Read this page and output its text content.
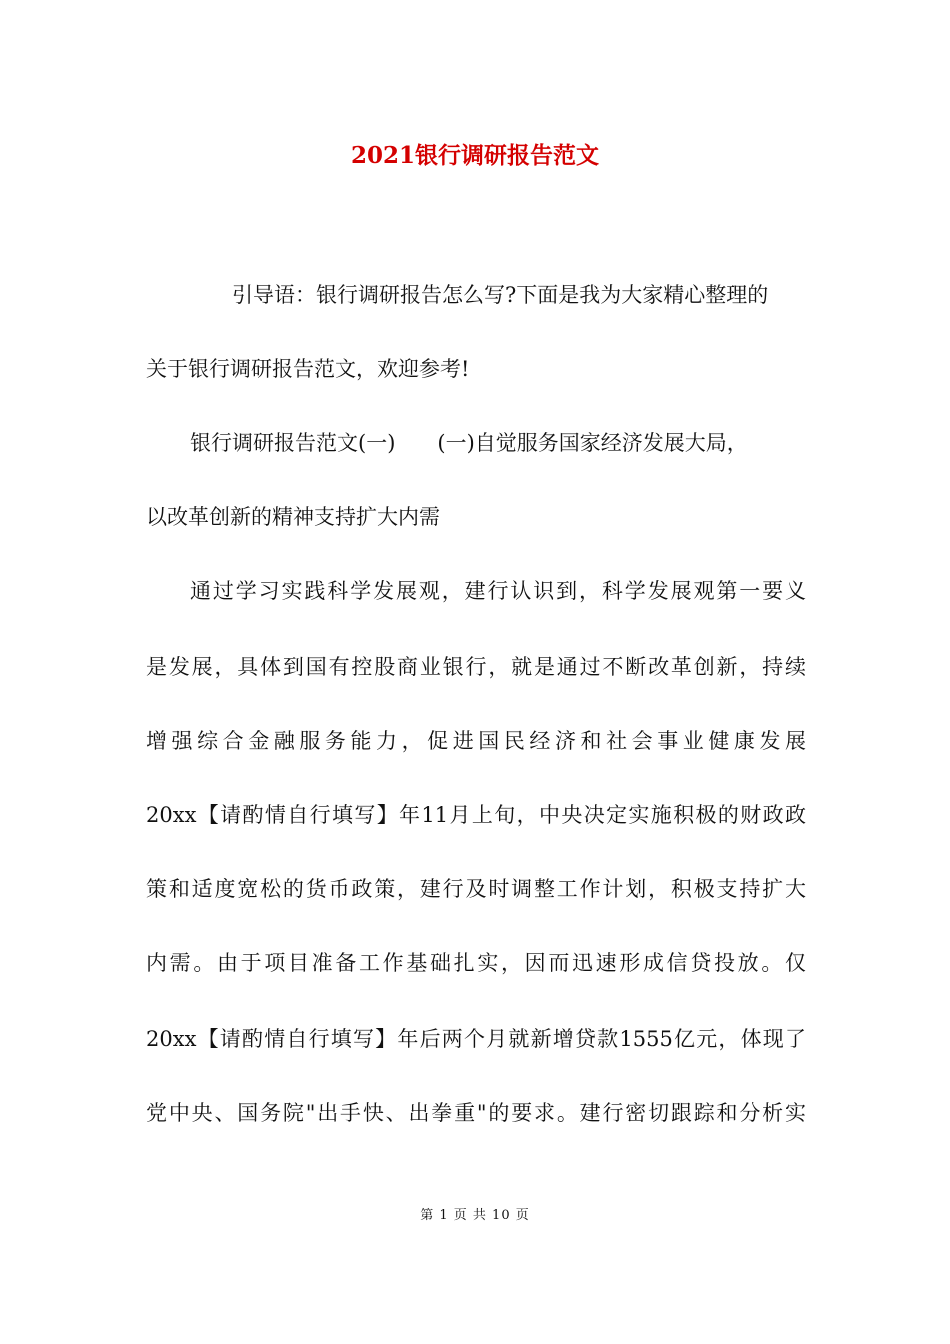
2021银行调研报告范文

引导语：银行调研报告怎么写?下面是我为大家精心整理的

关于银行调研报告范文，欢迎参考!

银行调研报告范文(一)　　(一)自觉服务国家经济发展大局，

以改革创新的精神支持扩大内需

通过学习实践科学发展观，建行认识到，科学发展观第一要义

是发展，具体到国有控股商业银行，就是通过不断改革创新，持续

增强综合金融服务能力，促进国民经济和社会事业健康发展

20xx【请酌情自行填写】年11月上旬，中央决定实施积极的财政政

策和适度宽松的货币政策，建行及时调整工作计划，积极支持扩大

内需。由于项目准备工作基础扎实，因而迅速形成信贷投放。仅

20xx【请酌情自行填写】年后两个月就新增贷款1555亿元，体现了

党中央、国务院"出手快、出拳重"的要求。建行密切跟踪和分析实

第 1 页 共 10 页
